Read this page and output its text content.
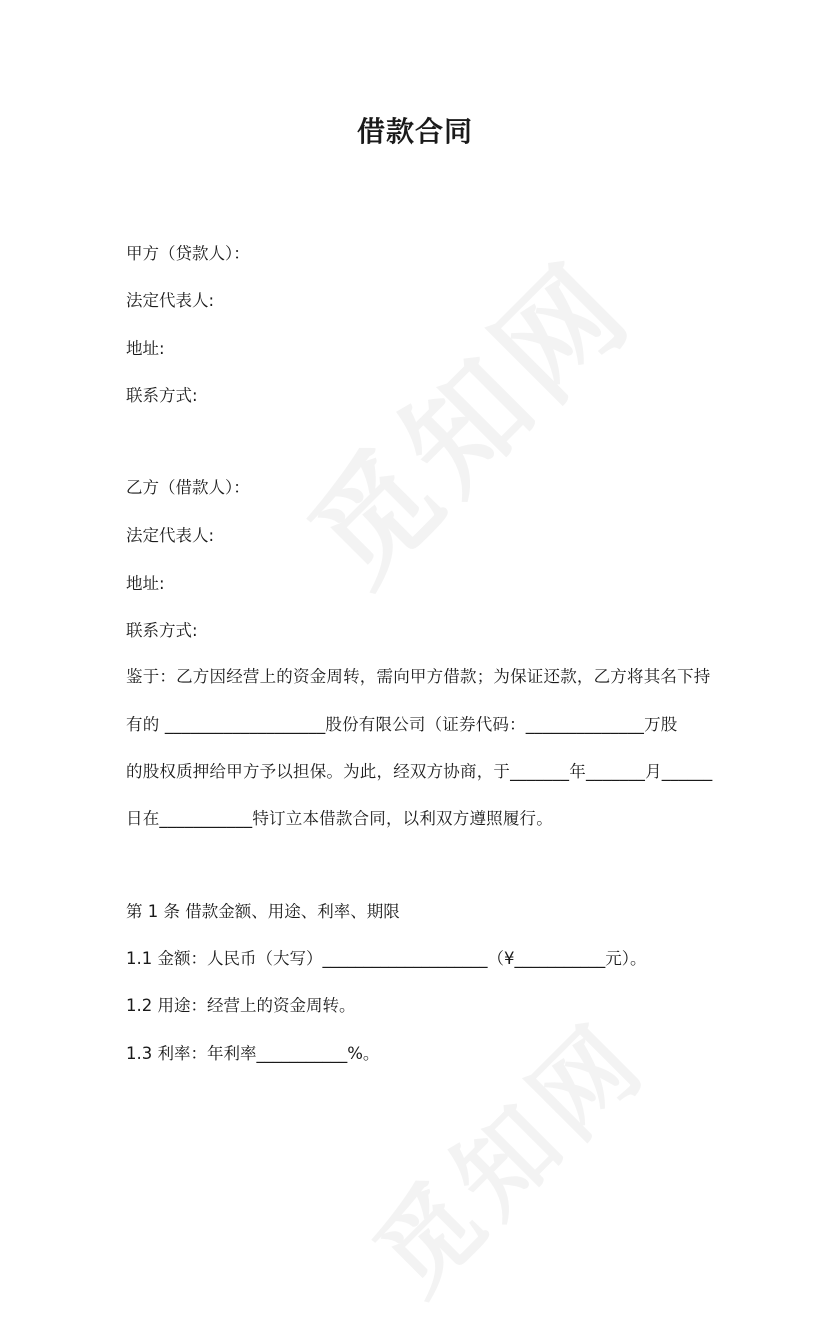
觅知网
觅知网
借款合同
甲方（贷款人）：
法定代表人:
地址:
联系方式:
乙方（借款人）：
法定代表人:
地址:
联系方式:
鉴于：乙方因经营上的资金周转，需向甲方借款；为保证还款，乙方将其名下持
有的 ___________________股份有限公司（证券代码：______________万股
的股权质押给甲方予以担保。为此，经双方协商，于_______年_______月______
日在___________特订立本借款合同，以利双方遵照履行。
第 1 条 借款金额、用途、利率、期限
1.1 金额：人民币（大写）____________________（¥___________元）。
1.2 用途：经营上的资金周转。
1.3 利率：年利率___________%。
